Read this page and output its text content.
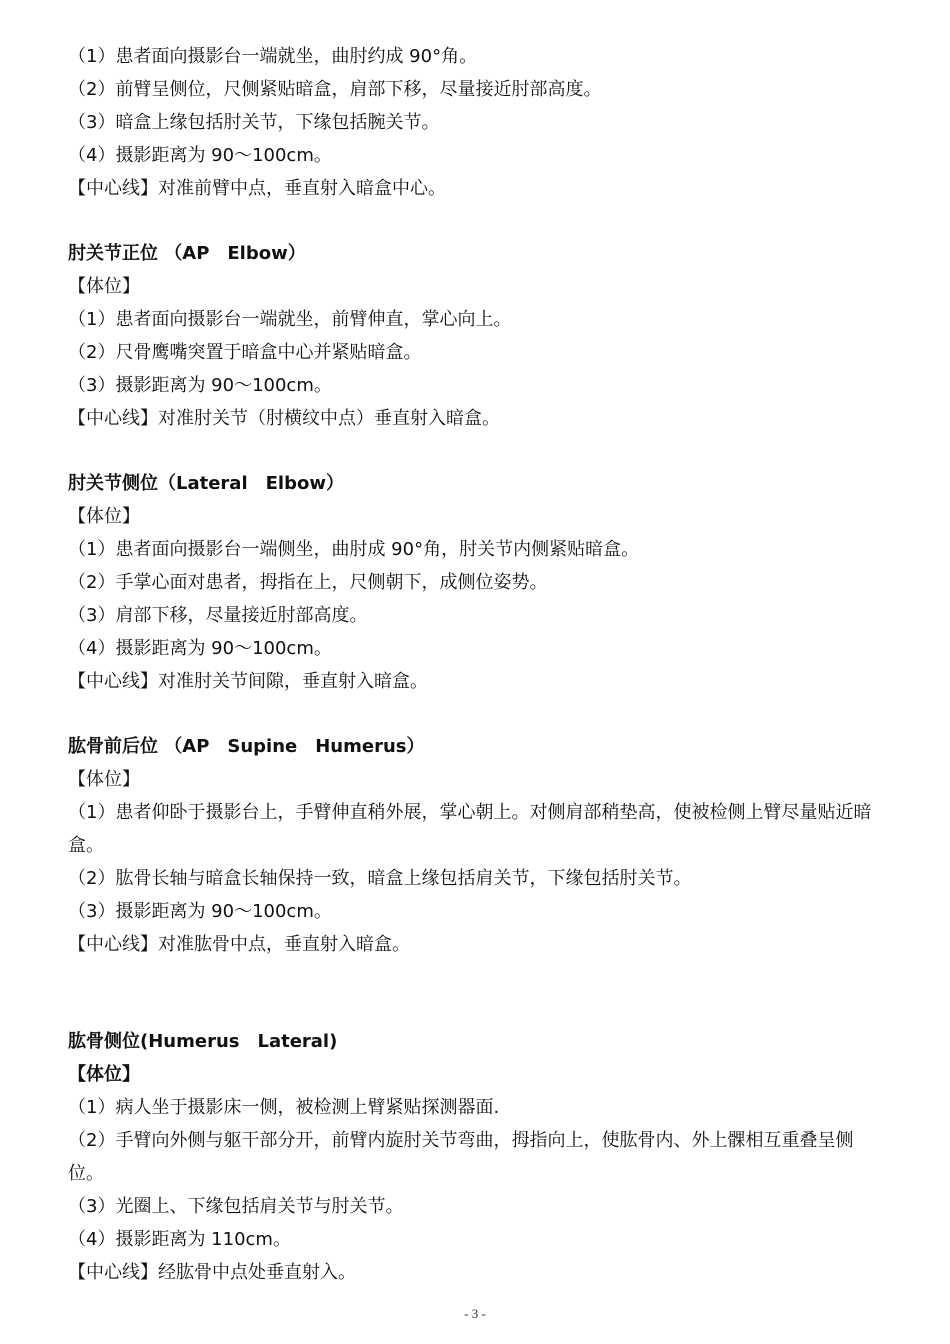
（1）患者面向摄影台一端就坐，曲肘约成 90°角。
（2）前臂呈侧位，尺侧紧贴暗盒，肩部下移，尽量接近肘部高度。
（3）暗盒上缘包括肘关节，下缘包括腕关节。
（4）摄影距离为 90～100cm。
【中心线】对准前臂中点，垂直射入暗盒中心。
肘关节正位 （AP　Elbow）
【体位】
（1）患者面向摄影台一端就坐，前臂伸直，掌心向上。
（2）尺骨鹰嘴突置于暗盒中心并紧贴暗盒。
（3）摄影距离为 90～100cm。
【中心线】对准肘关节（肘横纹中点）垂直射入暗盒。
肘关节侧位（Lateral　Elbow）
【体位】
（1）患者面向摄影台一端侧坐，曲肘成 90°角，肘关节内侧紧贴暗盒。
（2）手掌心面对患者，拇指在上，尺侧朝下，成侧位姿势。
（3）肩部下移，尽量接近肘部高度。
（4）摄影距离为 90～100cm。
【中心线】对准肘关节间隙，垂直射入暗盒。
肱骨前后位 （AP　Supine　Humerus）
【体位】
（1）患者仰卧于摄影台上，手臂伸直稍外展，掌心朝上。对侧肩部稍垫高，使被检侧上臂尽量贴近暗盒。
（2）肱骨长轴与暗盒长轴保持一致，暗盒上缘包括肩关节，下缘包括肘关节。
（3）摄影距离为 90～100cm。
【中心线】对准肱骨中点，垂直射入暗盒。
肱骨侧位(Humerus　Lateral)
【体位】
（1）病人坐于摄影床一侧，被检测上臂紧贴探测器面.
（2）手臂向外侧与躯干部分开，前臂内旋肘关节弯曲，拇指向上，使肱骨内、外上髁相互重叠呈侧位。
（3）光圈上、下缘包括肩关节与肘关节。
（4）摄影距离为 110cm。
【中心线】经肱骨中点处垂直射入。
- 3 -
